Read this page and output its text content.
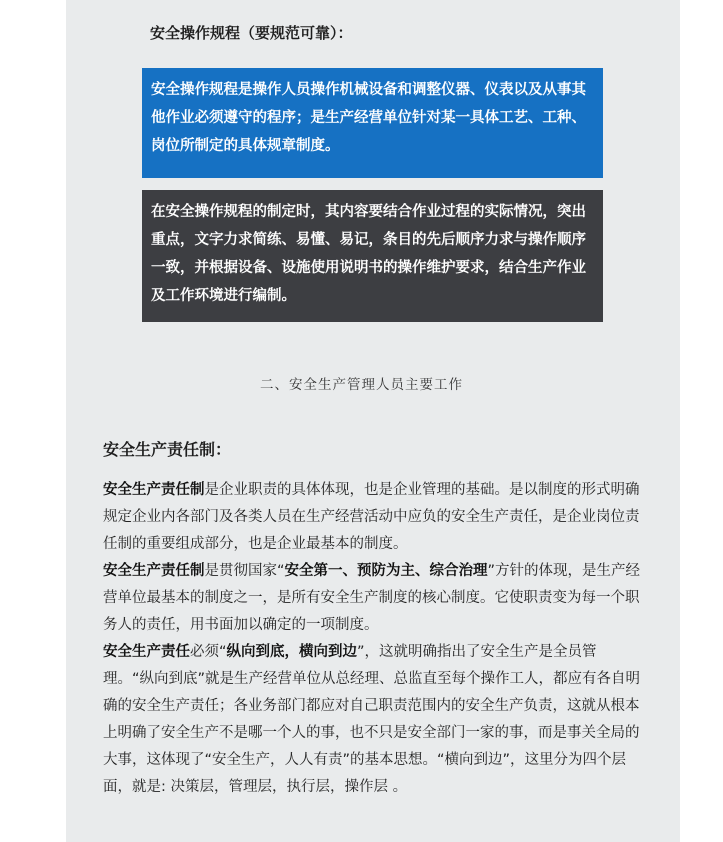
安全操作规程（要规范可靠）：
安全操作规程是操作人员操作机械设备和调整仪器、仪表以及从事其他作业必须遵守的程序；是生产经营单位针对某一具体工艺、工种、岗位所制定的具体规章制度。
在安全操作规程的制定时，其内容要结合作业过程的实际情况，突出重点，文字力求简练、易懂、易记，条目的先后顺序力求与操作顺序一致，并根据设备、设施使用说明书的操作维护要求，结合生产作业及工作环境进行编制。
二、安全生产管理人员主要工作
安全生产责任制：

安全生产责任制是企业职责的具体体现，也是企业管理的基础。是以制度的形式明确规定企业内各部门及各类人员在生产经营活动中应负的安全生产责任，是企业岗位责任制的重要组成部分，也是企业最基本的制度。

安全生产责任制是贯彻国家“安全第一、预防为主、综合治理”方针的体现，是生产经营单位最基本的制度之一，是所有安全生产制度的核心制度。它使职责变为每一个职务人的责任，用书面加以确定的一项制度。

安全生产责任必须“纵向到底，横向到边”，这就明确指出了安全生产是全员管理。“纵向到底”就是生产经营单位从总经理、总监直至每个操作工人，都应有各自明确的安全生产责任；各业务部门都应对自己职责范围内的安全生产负责，这就从根本上明确了安全生产不是哪一个人的事，也不只是安全部门一家的事，而是事关全局的大事，这体现了“安全生产，人人有责”的基本思想。“横向到边”，这里分为四个层面，就是: 决策层，管理层，执行层，操作层 。
